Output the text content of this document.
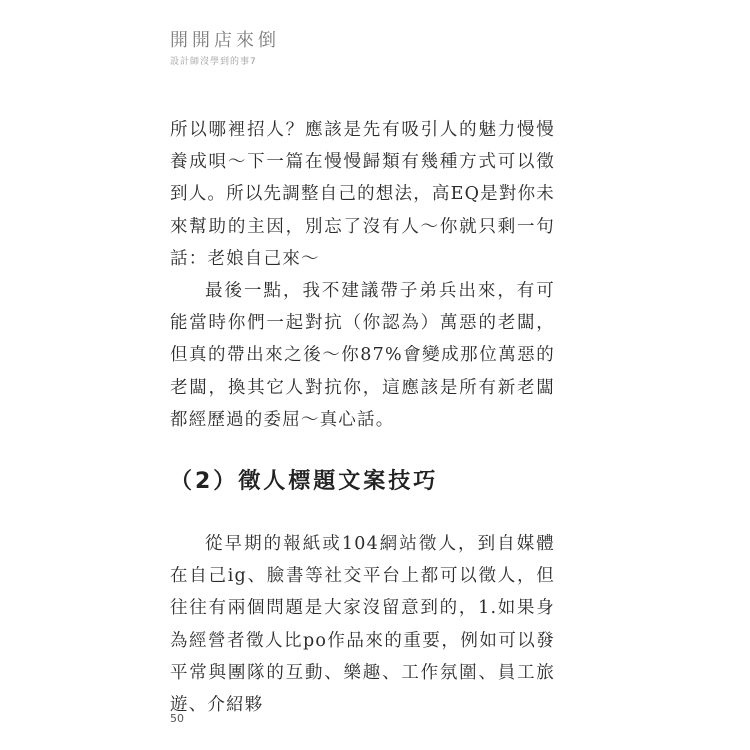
開開店來倒
設計師沒學到的事7

所以哪裡招人？應該是先有吸引人的魅力慢慢養成唄～下一篇在慢慢歸類有幾種方式可以徵到人。所以先調整自己的想法，高EQ是對你未來幫助的主因，別忘了沒有人～你就只剩一句話：老娘自己來～

最後一點，我不建議帶子弟兵出來，有可能當時你們一起對抗（你認為）萬惡的老闆，但真的帶出來之後～你87%會變成那位萬惡的老闆，換其它人對抗你，這應該是所有新老闆都經歷過的委屈～真心話。

（2）徵人標題文案技巧

從早期的報紙或104網站徵人，到自媒體在自己ig、臉書等社交平台上都可以徵人，但往往有兩個問題是大家沒留意到的，1.如果身為經營者徵人比po作品來的重要，例如可以發平常與團隊的互動、樂趣、工作氛圍、員工旅遊、介紹夥

50
